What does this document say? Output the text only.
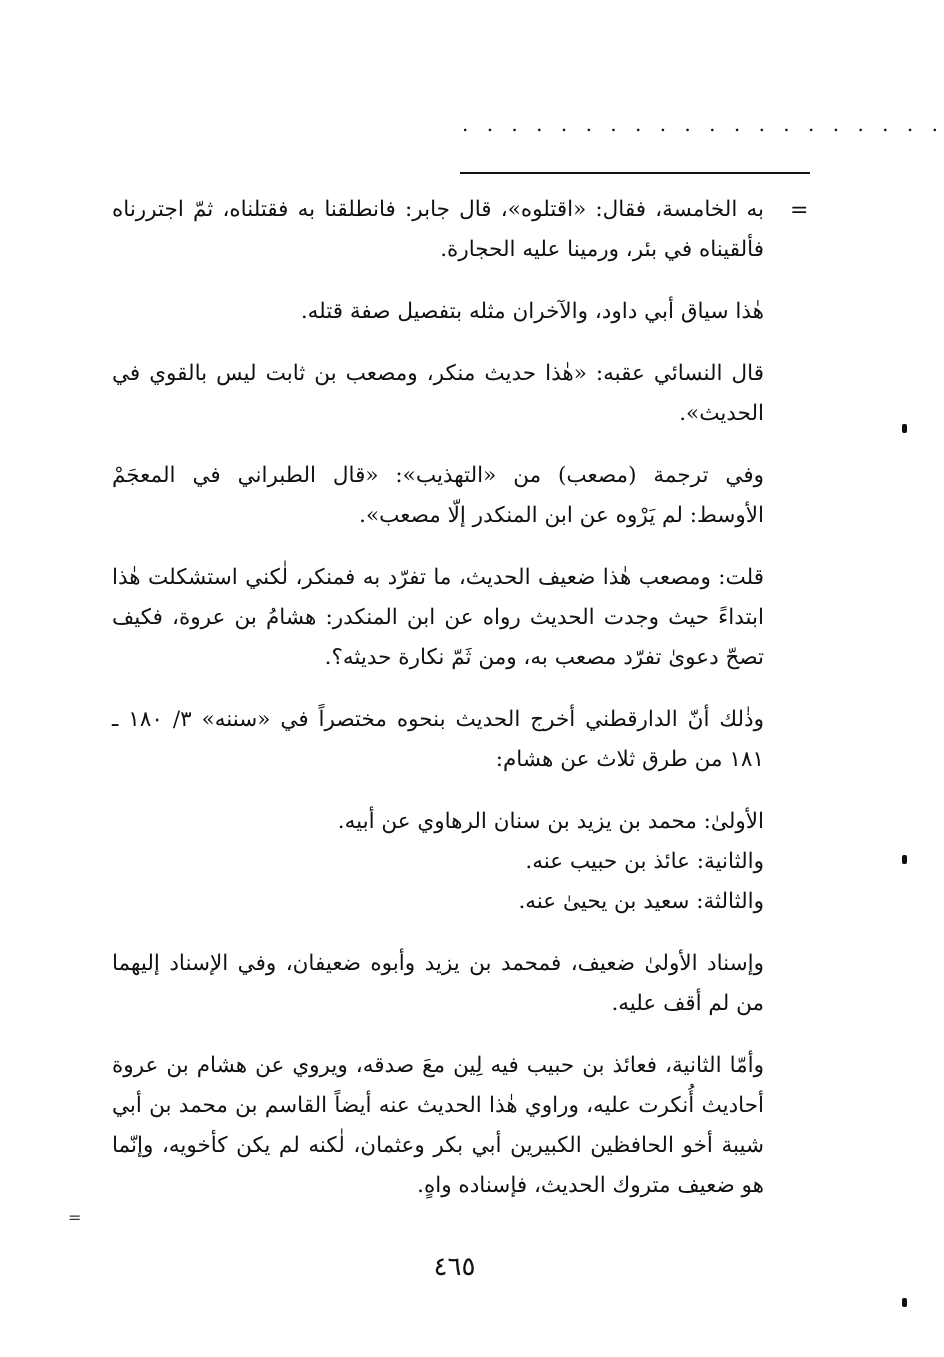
. . . . . . . . . . . . . . . . . . . .
=

به الخامسة، فقال: «اقتلوه»، قال جابر: فانطلقنا به فقتلناه، ثمّ اجتررناه فألقيناه في بئر، ورمينا عليه الحجارة.

هٰذا سياق أبي داود، والآخران مثله بتفصيل صفة قتله.

قال النسائي عقبه: «هٰذا حديث منكر، ومصعب بن ثابت ليس بالقوي في الحديث».

وفي ترجمة (مصعب) من «التهذيب»: «قال الطبراني في المعجَمْ الأوسط: لم يَرْوه عن ابن المنكدر إلّا مصعب».

قلت: ومصعب هٰذا ضعيف الحديث، ما تفرّد به فمنكر، لٰكني استشكلت هٰذا ابتداءً حيث وجدت الحديث رواه عن ابن المنكدر: هشامُ بن عروة، فكيف تصحّ دعوىٰ تفرّد مصعب به، ومن ثَمّ نكارة حديثه؟.

وذٰلك أنّ الدارقطني أخرج الحديث بنحوه مختصراً في «سننه» ٣/ ١٨٠ ـ ١٨١ من طرق ثلاث عن هشام:

الأولىٰ: محمد بن يزيد بن سنان الرهاوي عن أبيه.
والثانية: عائذ بن حبيب عنه.
والثالثة: سعيد بن يحيىٰ عنه.

وإسناد الأولىٰ ضعيف، فمحمد بن يزيد وأبوه ضعيفان، وفي الإسناد إليهما من لم أقف عليه.

وأمّا الثانية، فعائذ بن حبيب فيه لِين معَ صدقه، ويروي عن هشام بن عروة أحاديث أُنكرت عليه، وراوي هٰذا الحديث عنه أيضاً القاسم بن محمد بن أبي شيبة أخو الحافظين الكبيرين أبي بكر وعثمان، لٰكنه لم يكن كأخويه، وإنّما هو ضعيف متروك الحديث، فإسناده واهٍ.

=
٤٦٥
